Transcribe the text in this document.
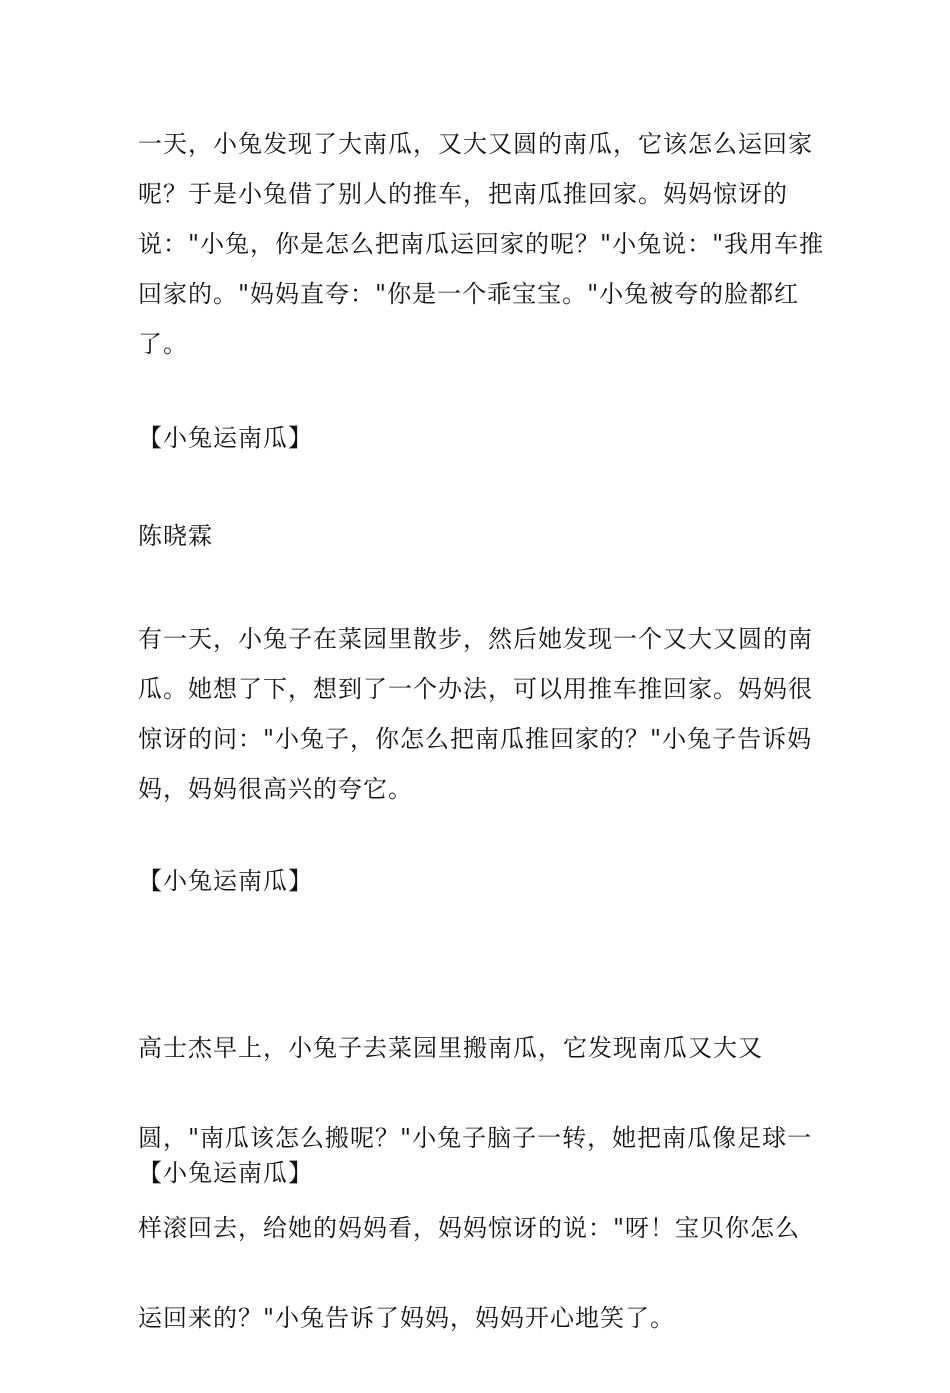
一天，小兔发现了大南瓜，又大又圆的南瓜，它该怎么运回家呢？于是小兔借了别人的推车，把南瓜推回家。妈妈惊讶的说："小兔，你是怎么把南瓜运回家的呢？"小兔说："我用车推回家的。"妈妈直夸："你是一个乖宝宝。"小兔被夸的脸都红了。

【小兔运南瓜】

陈晓霖

有一天，小兔子在菜园里散步，然后她发现一个又大又圆的南瓜。她想了下，想到了一个办法，可以用推车推回家。妈妈很惊讶的问："小兔子，你怎么把南瓜推回家的？"小兔子告诉妈妈，妈妈很高兴的夸它。

【小兔运南瓜】

高士杰早上，小兔子去菜园里搬南瓜，它发现南瓜又大又

圆，"南瓜该怎么搬呢？"小兔子脑子一转，她把南瓜像足球一

样滚回去，给她的妈妈看，妈妈惊讶的说："呀！宝贝你怎么

运回来的？"小兔告诉了妈妈，妈妈开心地笑了。

【小兔运南瓜】
